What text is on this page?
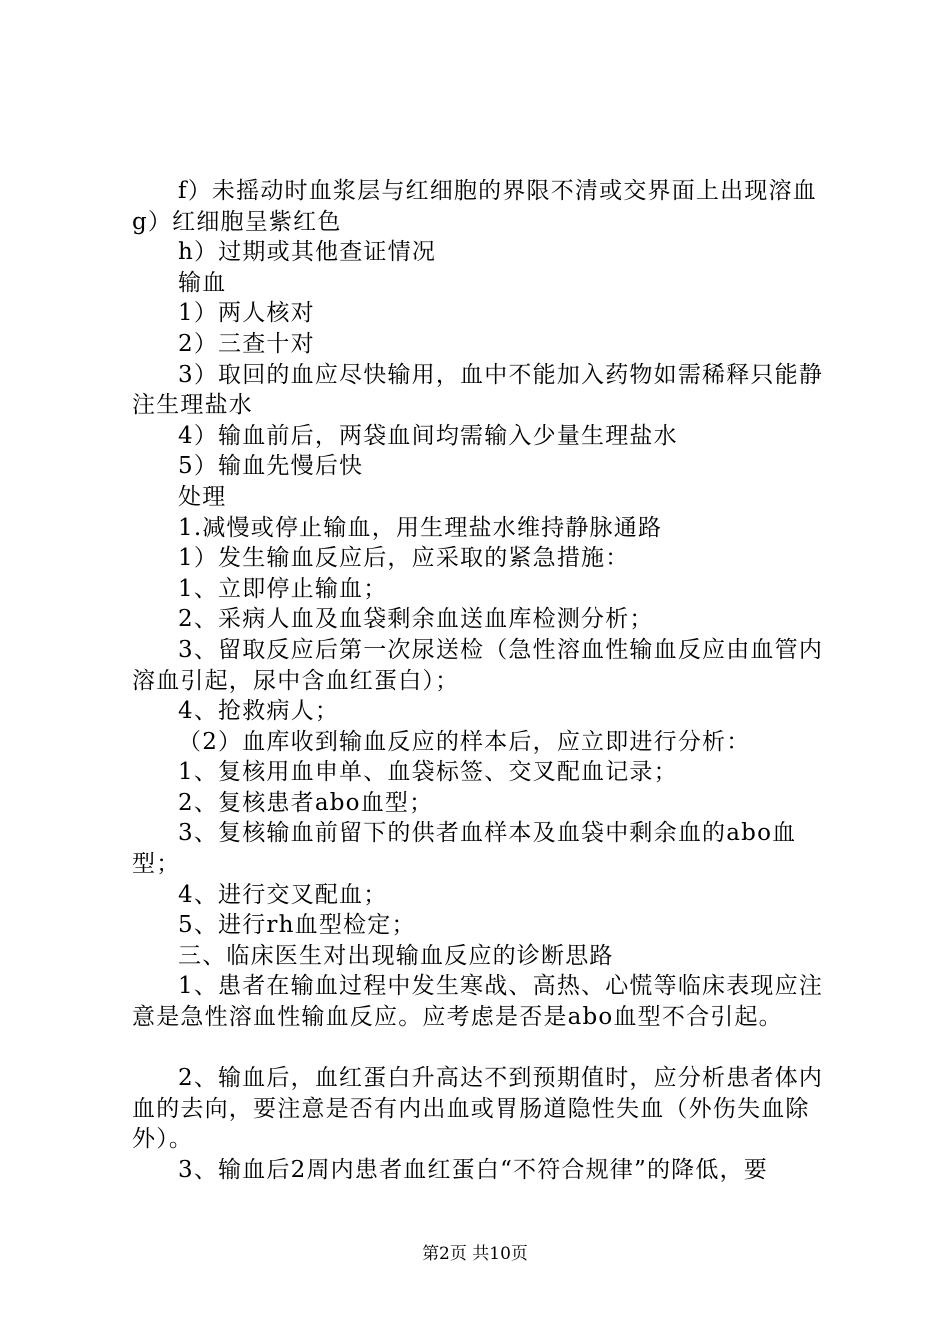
f）未摇动时血浆层与红细胞的界限不清或交界面上出现溶血g）红细胞呈紫红色

h）过期或其他查证情况

输血

1）两人核对

2）三查十对

3）取回的血应尽快输用，血中不能加入药物如需稀释只能静注生理盐水

4）输血前后，两袋血间均需输入少量生理盐水

5）输血先慢后快

处理

1.减慢或停止输血，用生理盐水维持静脉通路

1）发生输血反应后，应采取的紧急措施：

1、立即停止输血；

2、采病人血及血袋剩余血送血库检测分析；

3、留取反应后第一次尿送检（急性溶血性输血反应由血管内溶血引起，尿中含血红蛋白）；

4、抢救病人；

（2）血库收到输血反应的样本后，应立即进行分析：

1、复核用血申单、血袋标签、交叉配血记录；

2、复核患者abo血型；

3、复核输血前留下的供者血样本及血袋中剩余血的abo血型；

4、进行交叉配血；

5、进行rh血型检定；

三、临床医生对出现输血反应的诊断思路

1、患者在输血过程中发生寒战、高热、心慌等临床表现应注意是急性溶血性输血反应。应考虑是否是abo血型不合引起。

2、输血后，血红蛋白升高达不到预期值时，应分析患者体内血的去向，要注意是否有内出血或胃肠道隐性失血（外伤失血除外）。

3、输血后2周内患者血红蛋白“不符合规律”的降低，要

第2页 共10页
